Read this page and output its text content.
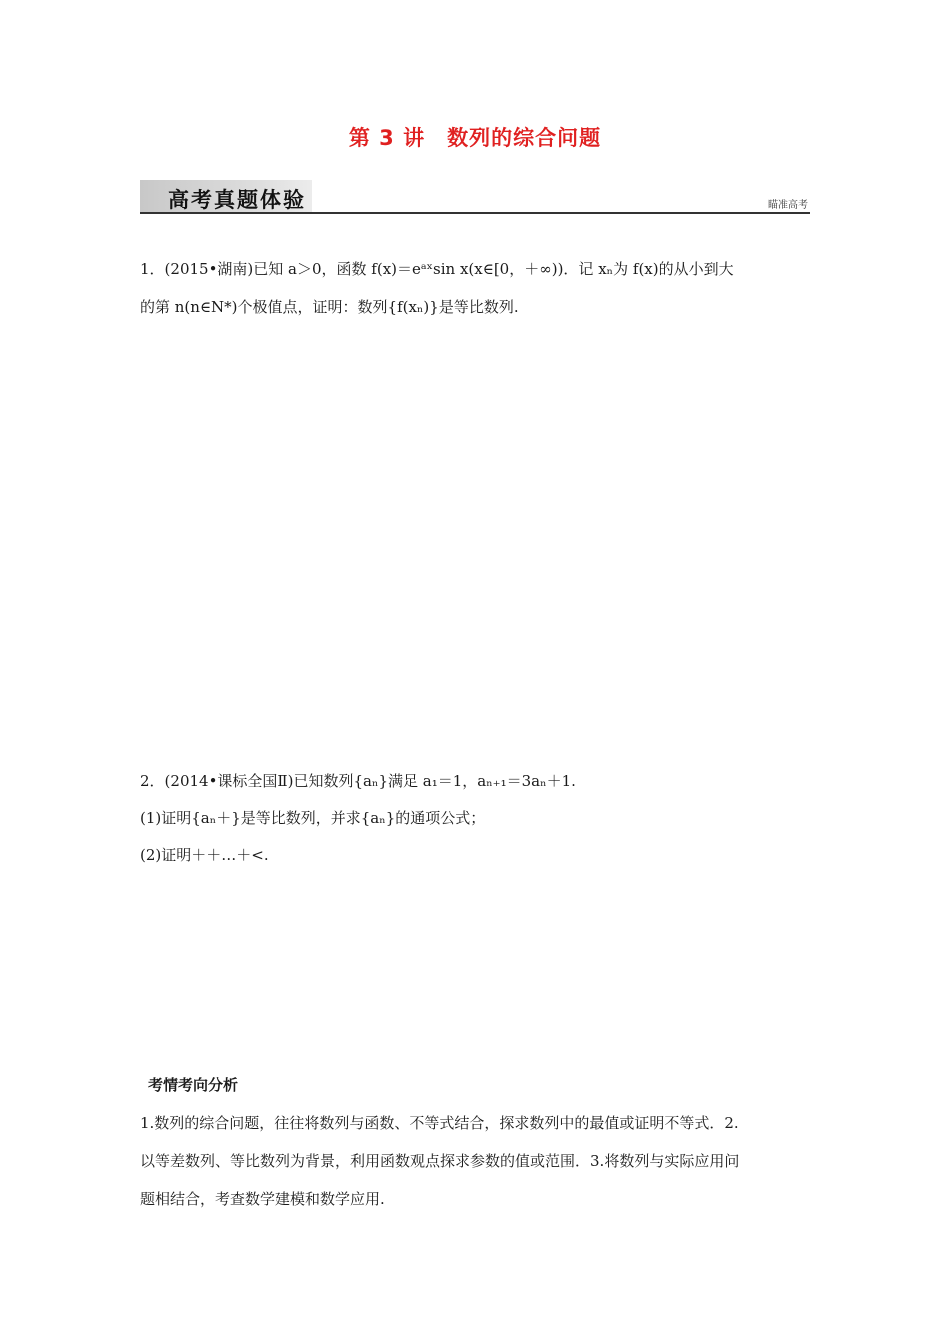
第 3 讲 数列的综合问题
高考真题体验	瞄准高考

1．(2015•湖南)已知 a＞0，函数 f(x)＝eᵃˣsin x(x∈[0，＋∞))．记 xₙ为 f(x)的从小到大

的第 n(n∈N*)个极值点，证明：数列{f(xₙ)}是等比数列.

2．(2014•课标全国Ⅱ)已知数列{aₙ}满足 a₁＝1，aₙ₊₁＝3aₙ＋1.

(1)证明{aₙ＋}是等比数列，并求{aₙ}的通项公式；

(2)证明＋＋…＋<.

考情考向分析

1.数列的综合问题，往往将数列与函数、不等式结合，探求数列中的最值或证明不等式．2.

以等差数列、等比数列为背景，利用函数观点探求参数的值或范围．3.将数列与实际应用问

题相结合，考查数学建模和数学应用.
